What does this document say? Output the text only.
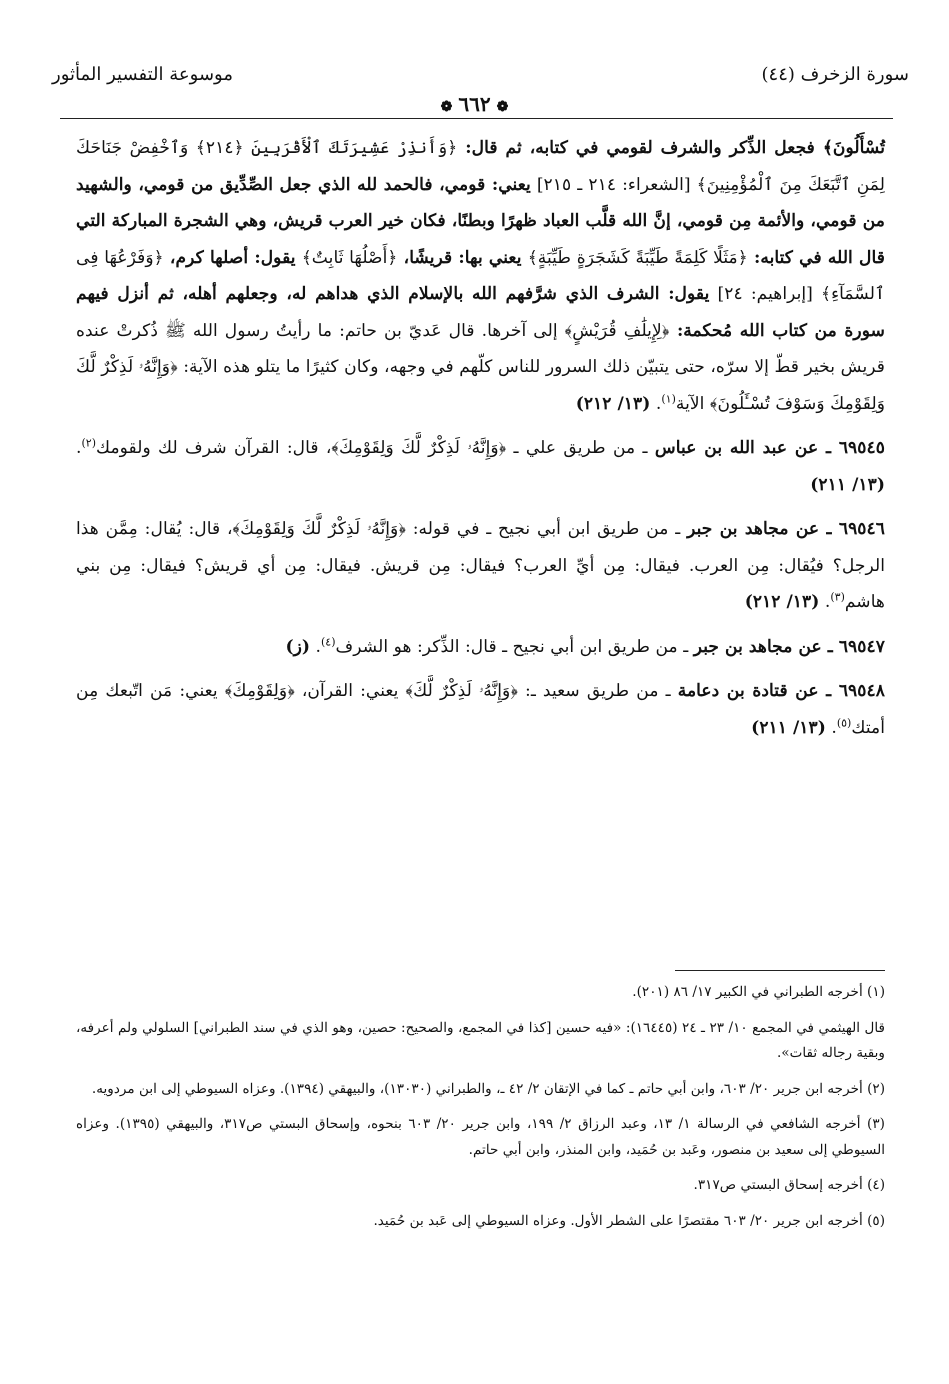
سورة الزخرف (٤٤)
موسوعة التفسير المأثور
❁٦٦٢❁

تُسْأَلُونَ﴾ فجعل الذِّكر والشرف لقومي في كتابه، ثم قال: ﴿وَأَنذِرْ عَشِيرَتَكَ ٱلْأَقْرَبِينَ ﴿٢١٤﴾ وَٱخْفِضْ جَنَاحَكَ لِمَنِ ٱتَّبَعَكَ مِنَ ٱلْمُؤْمِنِينَ﴾ [الشعراء: ٢١٤ ـ ٢١٥] يعني: قومي، فالحمد لله الذي جعل الصِّدِّيق من قومي، والشهيد من قومي، والأئمة مِن قومي، إنَّ الله قلَّب العباد ظهرًا وبطنًا، فكان خير العرب قريش، وهي الشجرة المباركة التي قال الله في كتابه: ﴿مَثَلًا كَلِمَةً طَيِّبَةً كَشَجَرَةٍ طَيِّبَةٍ﴾ يعني بها: قريشًا، ﴿أَصْلُهَا ثَابِتٌ﴾ يقول: أصلها كرم، ﴿وَفَرْعُهَا فِى ٱلسَّمَآءِ﴾ [إبراهيم: ٢٤] يقول: الشرف الذي شرَّفهم الله بالإسلام الذي هداهم له، وجعلهم أهله، ثم أنزل فيهم سورة من كتاب الله مُحكمة: ﴿لِإِيلَٰفِ قُرَيْشٍ﴾ إلى آخرها. قال عَديّ بن حاتم: ما رأيتُ رسول الله ﷺ ذُكرتْ عنده قريش بخير قطّ إلا سرّه، حتى يتبيّن ذلك السرور للناس كلّهم في وجهه، وكان كثيرًا ما يتلو هذه الآية: ﴿وَإِنَّهُۥ لَذِكْرٌ لَّكَ وَلِقَوْمِكَ وَسَوْفَ تُسْـَٔلُونَ﴾ الآية$^{(١)}$. (١٣/ ٢١٢)

٦٩٥٤٥ ـ عن عبد الله بن عباس ـ من طريق علي ـ ﴿وَإِنَّهُۥ لَذِكْرٌ لَّكَ وَلِقَوْمِكَ﴾، قال: القرآن شرف لك ولقومك$^{(٢)}$. (١٣/ ٢١١)

٦٩٥٤٦ ـ عن مجاهد بن جبر ـ من طريق ابن أبي نجيح ـ في قوله: ﴿وَإِنَّهُۥ لَذِكْرٌ لَّكَ وَلِقَوْمِكَ﴾، قال: يُقال: مِمَّن هذا الرجل؟ فيُقال: مِن العرب. فيقال: مِن أيِّ العرب؟ فيقال: مِن قريش. فيقال: مِن أي قريش؟ فيقال: مِن بني هاشم$^{(٣)}$. (١٣/ ٢١٢)

٦٩٥٤٧ ـ عن مجاهد بن جبر ـ من طريق ابن أبي نجيح ـ قال: الذِّكر: هو الشرف$^{(٤)}$. (ز)

٦٩٥٤٨ ـ عن قتادة بن دعامة ـ من طريق سعيد ـ: ﴿وَإِنَّهُۥ لَذِكْرٌ لَّكَ﴾ يعني: القرآن، ﴿وَلِقَوْمِكَ﴾ يعني: مَن اتّبعك مِن أمتك$^{(٥)}$. (١٣/ ٢١١)

(١) أخرجه الطبراني في الكبير ١٧/ ٨٦ (٢٠١).

قال الهيثمي في المجمع ١٠/ ٢٣ ـ ٢٤ (١٦٤٤٥): «فيه حسين [كذا في المجمع، والصحيح: حصين، وهو الذي في سند الطبراني] السلولي ولم أعرفه، وبقية رجاله ثقات».

(٢) أخرجه ابن جرير ٢٠/ ٦٠٣، وابن أبي حاتم ـ كما في الإتقان ٢/ ٤٢ ـ، والطبراني (١٣٠٣٠)، والبيهقي (١٣٩٤). وعزاه السيوطي إلى ابن مردويه.

(٣) أخرجه الشافعي في الرسالة ١/ ١٣، وعبد الرزاق ٢/ ١٩٩، وابن جرير ٢٠/ ٦٠٣ بنحوه، وإسحاق البستي ص٣١٧، والبيهقي (١٣٩٥). وعزاه السيوطي إلى سعيد بن منصور، وعَبد بن حُمَيد، وابن المنذر، وابن أبي حاتم.

(٤) أخرجه إسحاق البستي ص٣١٧.

(٥) أخرجه ابن جرير ٢٠/ ٦٠٣ مقتصرًا على الشطر الأول. وعزاه السيوطي إلى عَبد بن حُمَيد.
